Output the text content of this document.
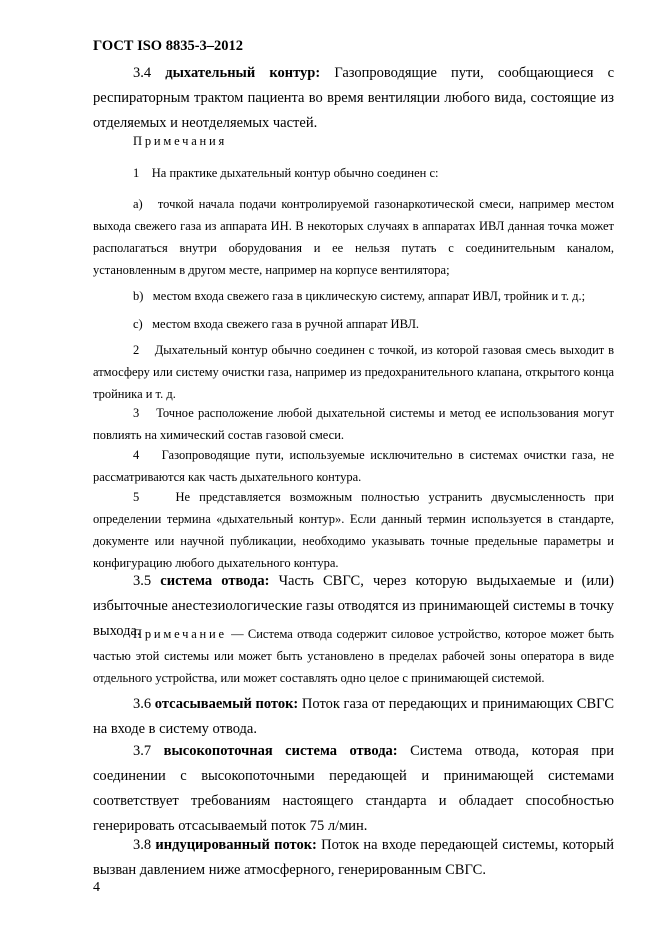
ГОСТ ISO 8835-3–2012

3.4 дыхательный контур: Газопроводящие пути, сообщающиеся с респираторным трактом пациента во время вентиляции любого вида, состоящие из отделяемых и неотделяемых частей.

Примечания

1 На практике дыхательный контур обычно соединен с:

a) точкой начала подачи контролируемой газонаркотической смеси, например местом выхода свежего газа из аппарата ИН. В некоторых случаях в аппаратах ИВЛ данная точка может располагаться внутри оборудования и ее нельзя путать с соединительным каналом, установленным в другом месте, например на корпусе вентилятора;

b) местом входа свежего газа в циклическую систему, аппарат ИВЛ, тройник и т. д.;

c) местом входа свежего газа в ручной аппарат ИВЛ.

2 Дыхательный контур обычно соединен с точкой, из которой газовая смесь выходит в атмосферу или систему очистки газа, например из предохранительного клапана, открытого конца тройника и т. д.

3 Точное расположение любой дыхательной системы и метод ее использования могут повлиять на химический состав газовой смеси.

4 Газопроводящие пути, используемые исключительно в системах очистки газа, не рассматриваются как часть дыхательного контура.

5	Не представляется возможным полностью устранить двусмысленность при определении термина «дыхательный контур». Если данный термин используется в стандарте, документе или научной публикации, необходимо указывать точные предельные параметры и конфигурацию любого дыхательного контура.

3.5 система отвода: Часть СВГС, через которую выдыхаемые и (или) избыточные анестезиологические газы отводятся из принимающей системы в точку выхода.

Примечание — Система отвода содержит силовое устройство, которое может быть частью этой системы или может быть установлено в пределах рабочей зоны оператора в виде отдельного устройства, или может составлять одно целое с принимающей системой.

3.6 отсасываемый поток: Поток газа от передающих и принимающих СВГС на входе в систему отвода.

3.7 высокопоточная система отвода: Система отвода, которая при соединении с высокопоточными передающей и принимающей системами соответствует требованиям настоящего стандарта и обладает способностью генерировать отсасываемый поток 75 л/мин.

3.8 индуцированный поток: Поток на входе передающей системы, который вызван давлением ниже атмосферного, генерированным СВГС.

4
